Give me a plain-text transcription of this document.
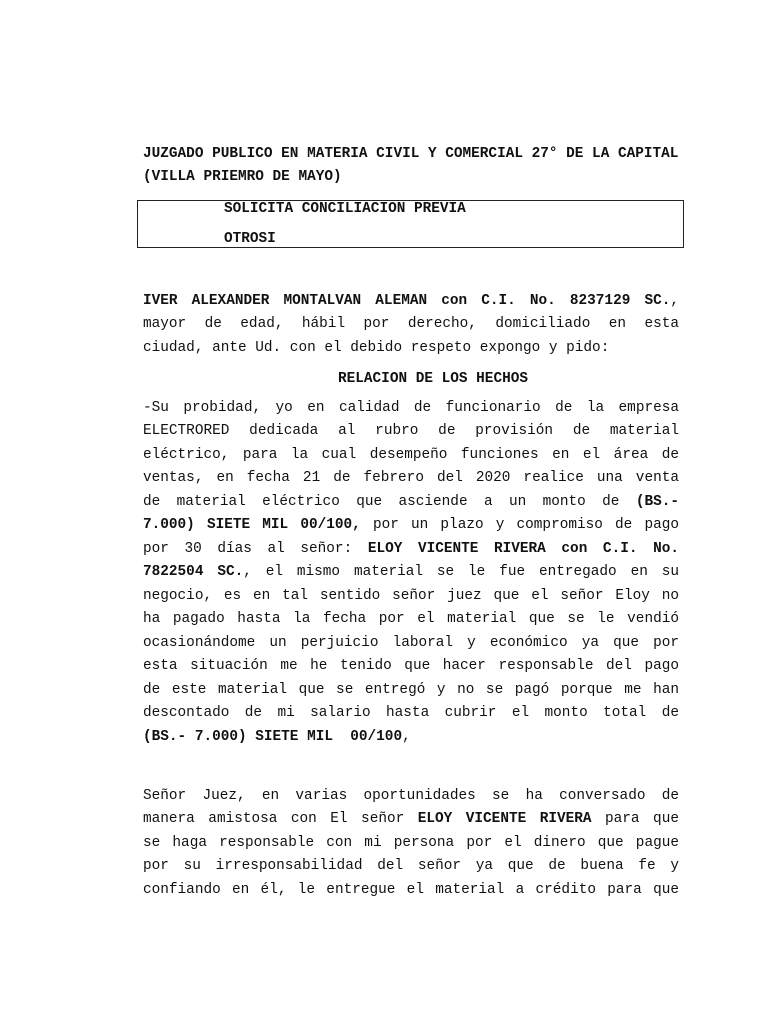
JUZGADO PUBLICO EN MATERIA CIVIL Y COMERCIAL 27° DE LA CAPITAL
(VILLA PRIEMRO DE MAYO)
SOLICITA CONCILIACION PREVIA
OTROSI
IVER ALEXANDER MONTALVAN ALEMAN con C.I. No. 8237129 SC.,
mayor de edad, hábil por derecho, domiciliado en esta
ciudad, ante Ud. con el debido respeto expongo y pido:
RELACION DE LOS HECHOS
-Su probidad, yo en calidad de funcionario de la empresa
ELECTRORED dedicada al rubro de provisión de material
eléctrico, para la cual desempeño funciones en el área de
ventas, en fecha 21 de febrero del 2020 realice una venta
de material eléctrico que asciende a un monto de (BS.-
7.000) SIETE MIL 00/100, por un plazo y compromiso de pago
por 30 días al señor: ELOY VICENTE RIVERA con C.I. No.
7822504 SC., el mismo material se le fue entregado en su
negocio, es en tal sentido señor juez que el señor Eloy no
ha pagado hasta la fecha por el material que se le vendió
ocasionándome un perjuicio laboral y económico ya que por
esta situación me he tenido que hacer responsable del pago
de este material que se entregó y no se pagó porque me han
descontado de mi salario hasta cubrir el monto total de
(BS.- 7.000) SIETE MIL  00/100,
Señor Juez, en varias oportunidades se ha conversado de
manera amistosa con El señor ELOY VICENTE RIVERA para que
se haga responsable con mi persona por el dinero que pague
por su irresponsabilidad del señor ya que de buena fe y
confiando en él, le entregue el material a crédito para que
